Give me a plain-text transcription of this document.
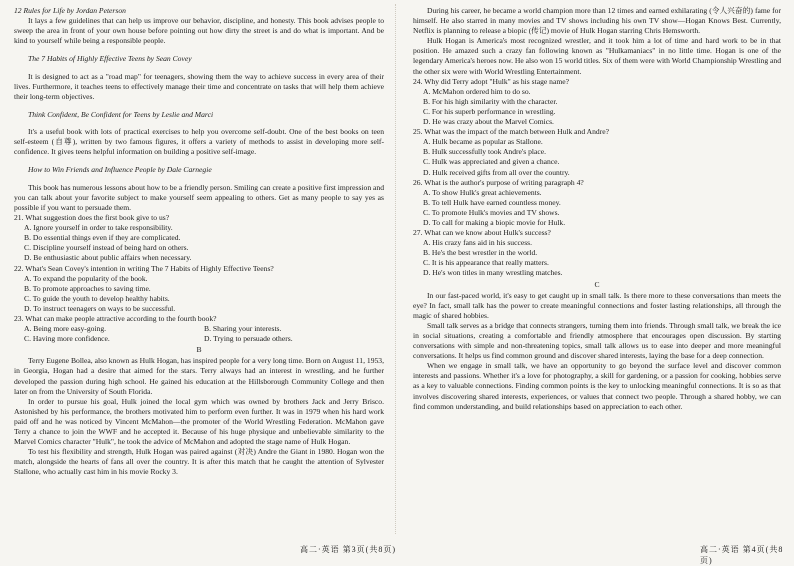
12 Rules for Life by Jordan Peterson

It lays a few guidelines that can help us improve our behavior, discipline, and honesty. This book advises people to sweep the area in front of your own house before pointing out how dirty the street is and do what is important. And be kind to yourself while being a responsible people.

The 7 Habits of Highly Effective Teens by Sean Covey

It is designed to act as a "road map" for teenagers, showing them the way to achieve success in every area of their lives. Furthermore, it teaches teens to effectively manage their time and concentrate on tasks that will help them achieve their long-term objectives.

Think Confident, Be Confident for Teens by Leslie and Marci

It's a useful book with lots of practical exercises to help you overcome self-doubt. One of the best books on teen self-esteem (自尊), written by two famous figures, it offers a variety of methods to assist in developing more self-confidence. It gives teens helpful information on building a positive self-image.

How to Win Friends and Influence People by Dale Carnegie

This book has numerous lessons about how to be a friendly person. Smiling can create a positive first impression and you can talk about your favorite subject to make yourself seem appealing to others. Get as many people to say yes as possible if you want to persuade them.

21. What suggestion does the first book give to us?

A. Ignore yourself in order to take responsibility.

B. Do essential things even if they are complicated.

C. Discipline yourself instead of being hard on others.

D. Be enthusiastic about public affairs when necessary.

22. What's Sean Covey's intention in writing The 7 Habits of Highly Effective Teens?

A. To expand the popularity of the book.

B. To promote approaches to saving time.

C. To guide the youth to develop healthy habits.

D. To instruct teenagers on ways to be successful.

23. What can make people attractive according to the fourth book?

A. Being more easy-going.	B. Sharing your interests.
C. Having more confidence.	D. Trying to persuade others.

B

Terry Eugene Bollea, also known as Hulk Hogan, has inspired people for a very long time. Born on August 11, 1953, in Georgia, Hogan had a desire that aimed for the stars. Terry always had an interest in wrestling, and he further developed the passion during high school. He gained his education at the Hillsborough Community College and then later on from the University of South Florida.

In order to pursue his goal, Hulk joined the local gym which was owned by brothers Jack and Jerry Brisco. Astonished by his performance, the brothers motivated him to perform even further. It was in 1979 when his hard work paid off and he was noticed by Vincent McMahon—the promoter of the World Wrestling Federation. McMahon gave Terry a chance to join the WWF and he accepted it. Because of his huge physique and unbelievable similarity to the Marvel Comics character "Hulk", he took the advice of McMahon and adopted the stage name of Hulk Hogan.

To test his flexibility and strength, Hulk Hogan was paired against (对决) Andre the Giant in 1980. Hogan won the match, alongside the hearts of fans all over the country. It is after this match that he caught the attention of Sylvester Stallone, who actually cast him in his movie Rocky 3.

During his career, he became a world champion more than 12 times and earned exhilarating (令人兴奋的) fame for himself. He also starred in many movies and TV shows including his own TV show—Hogan Knows Best. Currently, Netflix is planning to release a biopic (传记) movie of Hulk Hogan starring Chris Hemsworth.

Hulk Hogan is America's most recognized wrestler, and it took him a lot of time and hard work to be in that position. He amazed such a crazy fan following known as "Hulkamaniacs" in no little time. Hogan is one of the legendary America's heroes now. He also won 15 world titles. Six of them were with World Championship Wrestling and the other six were with World Wrestling Entertainment.

24. Why did Terry adopt "Hulk" as his stage name?

A. McMahon ordered him to do so.

B. For his high similarity with the character.

C. For his superb performance in wrestling.

D. He was crazy about the Marvel Comics.

25. What was the impact of the match between Hulk and Andre?

A. Hulk became as popular as Stallone.

B. Hulk successfully took Andre's place.

C. Hulk was appreciated and given a chance.

D. Hulk received gifts from all over the country.

26. What is the author's purpose of writing paragraph 4?

A. To show Hulk's great achievements.

B. To tell Hulk have earned countless money.

C. To promote Hulk's movies and TV shows.

D. To call for making a biopic movie for Hulk.

27. What can we know about Hulk's success?

A. His crazy fans aid in his success.

B. He's the best wrestler in the world.

C. It is his appearance that really matters.

D. He's won titles in many wrestling matches.

C

In our fast-paced world, it's easy to get caught up in small talk. Is there more to these conversations than meets the eye? In fact, small talk has the power to create meaningful connections and foster lasting relationships, all through the magic of shared hobbies.

Small talk serves as a bridge that connects strangers, turning them into friends. Through small talk, we break the ice in social situations, creating a comfortable and friendly atmosphere that encourages open discussion. By starting conversations with simple and non-threatening topics, small talk allows us to ease into deeper and more meaningful conversations. It helps us find common ground and discover shared interests, laying the base for a deep connection.

When we engage in small talk, we have an opportunity to go beyond the surface level and discover common interests and passions. Whether it's a love for photography, a skill for gardening, or a passion for cooking, hobbies serve as a key to valuable connections. Finding common points is the key to unlocking meaningful connections. It is so as that involves discovering shared interests, experiences, or values that connect two people. Through a shared hobby, we can find common understanding, and build relationships based on appreciation to each other.

高二·英语 第3页(共8页)	高二·英语 第4页(共8页)
